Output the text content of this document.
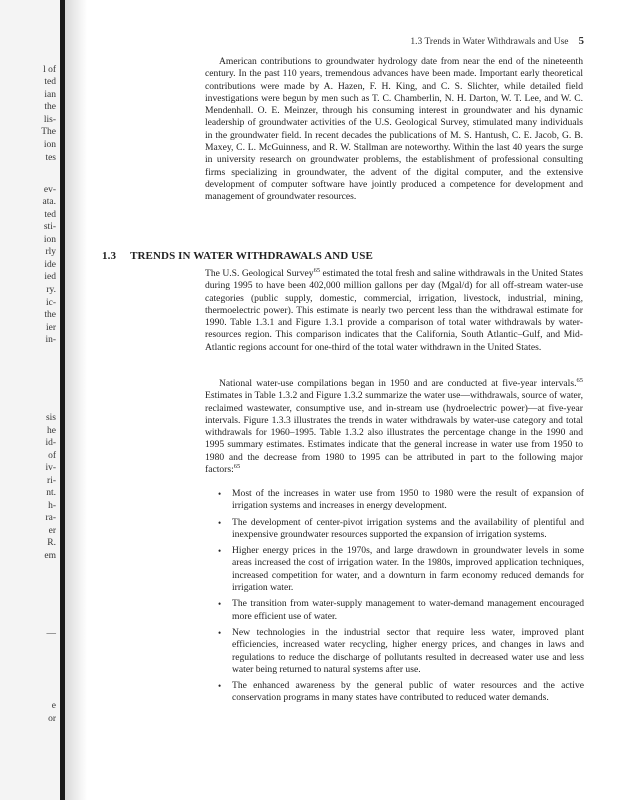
l of
ted
ian
the
lis-
The
ion
tes
ev-
ata.
ted
sti-
ion
rly
ide
ied
ry.
ic-
the
ier
in-
sis
he
id-
of
iv-
ri-
nt.
h-
ra-
er
R.
em
—
e
or
1.3 Trends in Water Withdrawals and Use 5

American contributions to groundwater hydrology date from near the end of the nineteenth century. In the past 110 years, tremendous advances have been made. Important early theoretical contributions were made by A. Hazen, F. H. King, and C. S. Slichter, while detailed field investigations were begun by men such as T. C. Chamberlin, N. H. Darton, W. T. Lee, and W. C. Mendenhall. O. E. Meinzer, through his consuming interest in groundwater and his dynamic leadership of groundwater activities of the U.S. Geological Survey, stimulated many individuals in the groundwater field. In recent decades the publications of M. S. Hantush, C. E. Jacob, G. B. Maxey, C. L. McGuinness, and R. W. Stallman are noteworthy. Within the last 40 years the surge in university research on groundwater problems, the establishment of professional consulting firms specializing in groundwater, the advent of the digital computer, and the extensive development of computer software have jointly produced a competence for development and management of groundwater resources.

1.3 TRENDS IN WATER WITHDRAWALS AND USE

The U.S. Geological Survey$^{65}$ estimated the total fresh and saline withdrawals in the United States during 1995 to have been 402,000 million gallons per day (Mgal/d) for all off-stream water-use categories (public supply, domestic, commercial, irrigation, livestock, industrial, mining, thermoelectric power). This estimate is nearly two percent less than the withdrawal estimate for 1990. Table 1.3.1 and Figure 1.3.1 provide a comparison of total water withdrawals by water-resources region. This comparison indicates that the California, South Atlantic–Gulf, and Mid-Atlantic regions account for one-third of the total water withdrawn in the United States.

National water-use compilations began in 1950 and are conducted at five-year intervals.$^{65}$ Estimates in Table 1.3.2 and Figure 1.3.2 summarize the water use—withdrawals, source of water, reclaimed wastewater, consumptive use, and in-stream use (hydroelectric power)—at five-year intervals. Figure 1.3.3 illustrates the trends in water withdrawals by water-use category and total withdrawals for 1960–1995. Table 1.3.2 also illustrates the percentage change in the 1990 and 1995 summary estimates. Estimates indicate that the general increase in water use from 1950 to 1980 and the decrease from 1980 to 1995 can be attributed in part to the following major factors:$^{65}$

• Most of the increases in water use from 1950 to 1980 were the result of expansion of irrigation systems and increases in energy development.
• The development of center-pivot irrigation systems and the availability of plentiful and inexpensive groundwater resources supported the expansion of irrigation systems.
• Higher energy prices in the 1970s, and large drawdown in groundwater levels in some areas increased the cost of irrigation water. In the 1980s, improved application techniques, increased competition for water, and a downturn in farm economy reduced demands for irrigation water.
• The transition from water-supply management to water-demand management encouraged more efficient use of water.
• New technologies in the industrial sector that require less water, improved plant efficiencies, increased water recycling, higher energy prices, and changes in laws and regulations to reduce the discharge of pollutants resulted in decreased water use and less water being returned to natural systems after use.
• The enhanced awareness by the general public of water resources and the active conservation programs in many states have contributed to reduced water demands.
